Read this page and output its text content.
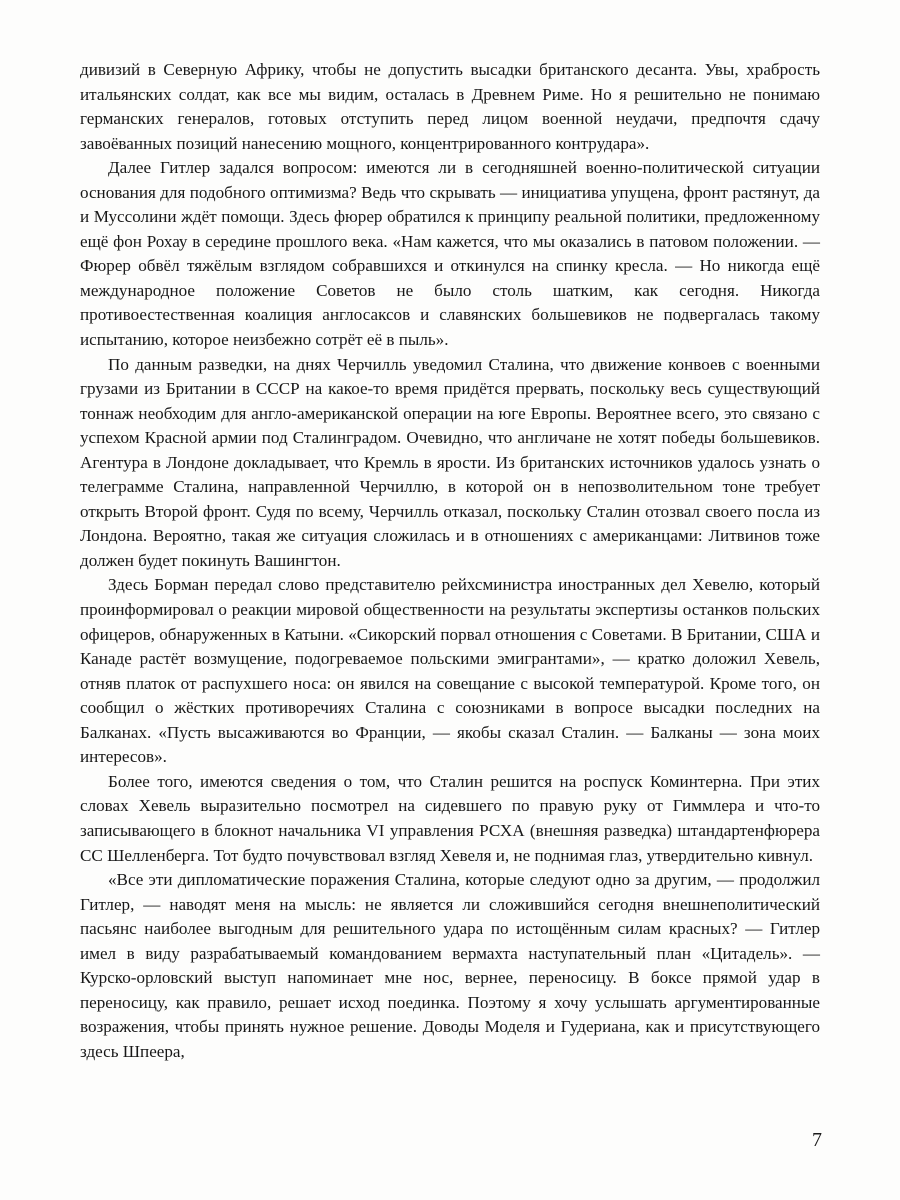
дивизий в Северную Африку, чтобы не допустить высадки британского десанта. Увы, храбрость итальянских солдат, как все мы видим, осталась в Древнем Риме. Но я решительно не понимаю германских генералов, готовых отступить перед лицом военной неудачи, предпочтя сдачу завоёванных позиций нанесению мощного, концентрированного контрудара».

Далее Гитлер задался вопросом: имеются ли в сегодняшней военно-политической ситуации основания для подобного оптимизма? Ведь что скрывать — инициатива упущена, фронт растянут, да и Муссолини ждёт помощи. Здесь фюрер обратился к принципу реальной политики, предложенному ещё фон Рохау в середине прошлого века. «Нам кажется, что мы оказались в патовом положении. — Фюрер обвёл тяжёлым взглядом собравшихся и откинулся на спинку кресла. — Но никогда ещё международное положение Советов не было столь шатким, как сегодня. Никогда противоестественная коалиция англосаксов и славянских большевиков не подвергалась такому испытанию, которое неизбежно сотрёт её в пыль».

По данным разведки, на днях Черчилль уведомил Сталина, что движение конвоев с военными грузами из Британии в СССР на какое-то время придётся прервать, поскольку весь существующий тоннаж необходим для англо-американской операции на юге Европы. Вероятнее всего, это связано с успехом Красной армии под Сталинградом. Очевидно, что англичане не хотят победы большевиков. Агентура в Лондоне докладывает, что Кремль в ярости. Из британских источников удалось узнать о телеграмме Сталина, направленной Черчиллю, в которой он в непозволительном тоне требует открыть Второй фронт. Судя по всему, Черчилль отказал, поскольку Сталин отозвал своего посла из Лондона. Вероятно, такая же ситуация сложилась и в отношениях с американцами: Литвинов тоже должен будет покинуть Вашингтон.

Здесь Борман передал слово представителю рейхсминистра иностранных дел Хевелю, который проинформировал о реакции мировой общественности на результаты экспертизы останков польских офицеров, обнаруженных в Катыни. «Сикорский порвал отношения с Советами. В Британии, США и Канаде растёт возмущение, подогреваемое польскими эмигрантами», — кратко доложил Хевель, отняв платок от распухшего носа: он явился на совещание с высокой температурой. Кроме того, он сообщил о жёстких противоречиях Сталина с союзниками в вопросе высадки последних на Балканах. «Пусть высаживаются во Франции, — якобы сказал Сталин. — Балканы — зона моих интересов».

Более того, имеются сведения о том, что Сталин решится на роспуск Коминтерна. При этих словах Хевель выразительно посмотрел на сидевшего по правую руку от Гиммлера и что-то записывающего в блокнот начальника VI управления РСХА (внешняя разведка) штандартенфюрера СС Шелленберга. Тот будто почувствовал взгляд Хевеля и, не поднимая глаз, утвердительно кивнул.

«Все эти дипломатические поражения Сталина, которые следуют одно за другим, — продолжил Гитлер, — наводят меня на мысль: не является ли сложившийся сегодня внешнеполитический пасьянс наиболее выгодным для решительного удара по истощённым силам красных? — Гитлер имел в виду разрабатываемый командованием вермахта наступательный план «Цитадель». — Курско-орловский выступ напоминает мне нос, вернее, переносицу. В боксе прямой удар в переносицу, как правило, решает исход поединка. Поэтому я хочу услышать аргументированные возражения, чтобы принять нужное решение. Доводы Моделя и Гудериана, как и присутствующего здесь Шпеера,

7
